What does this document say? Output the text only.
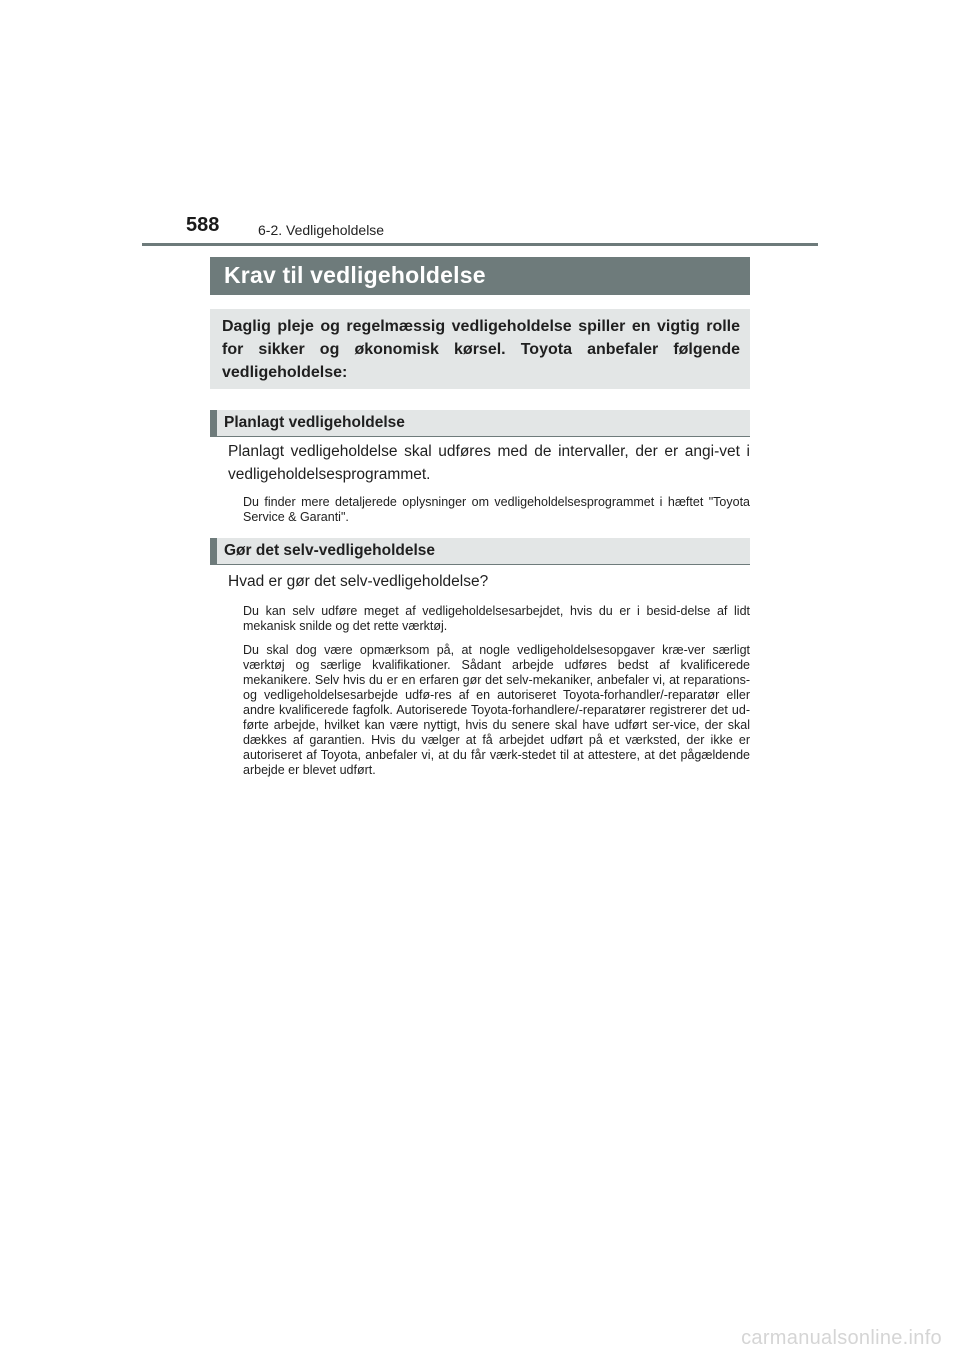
588	6-2. Vedligeholdelse
Krav til vedligeholdelse
Daglig pleje og regelmæssig vedligeholdelse spiller en vigtig rolle for sikker og økonomisk kørsel. Toyota anbefaler følgende vedligeholdelse:
Planlagt vedligeholdelse
Planlagt vedligeholdelse skal udføres med de intervaller, der er angi-vet i vedligeholdelsesprogrammet.
Du finder mere detaljerede oplysninger om vedligeholdelsesprogrammet i hæftet "Toyota Service & Garanti".
Gør det selv-vedligeholdelse
Hvad er gør det selv-vedligeholdelse?
Du kan selv udføre meget af vedligeholdelsesarbejdet, hvis du er i besid-delse af lidt mekanisk snilde og det rette værktøj.
Du skal dog være opmærksom på, at nogle vedligeholdelsesopgaver kræ-ver særligt værktøj og særlige kvalifikationer. Sådant arbejde udføres bedst af kvalificerede mekanikere. Selv hvis du er en erfaren gør det selv-mekaniker, anbefaler vi, at reparations- og vedligeholdelsesarbejde udfø-res af en autoriseret Toyota-forhandler/-reparatør eller andre kvalificerede fagfolk. Autoriserede Toyota-forhandlere/-reparatører registrerer det ud-førte arbejde, hvilket kan være nyttigt, hvis du senere skal have udført ser-vice, der skal dækkes af garantien. Hvis du vælger at få arbejdet udført på et værksted, der ikke er autoriseret af Toyota, anbefaler vi, at du får værk-stedet til at attestere, at det pågældende arbejde er blevet udført.
carmanualsonline.info
